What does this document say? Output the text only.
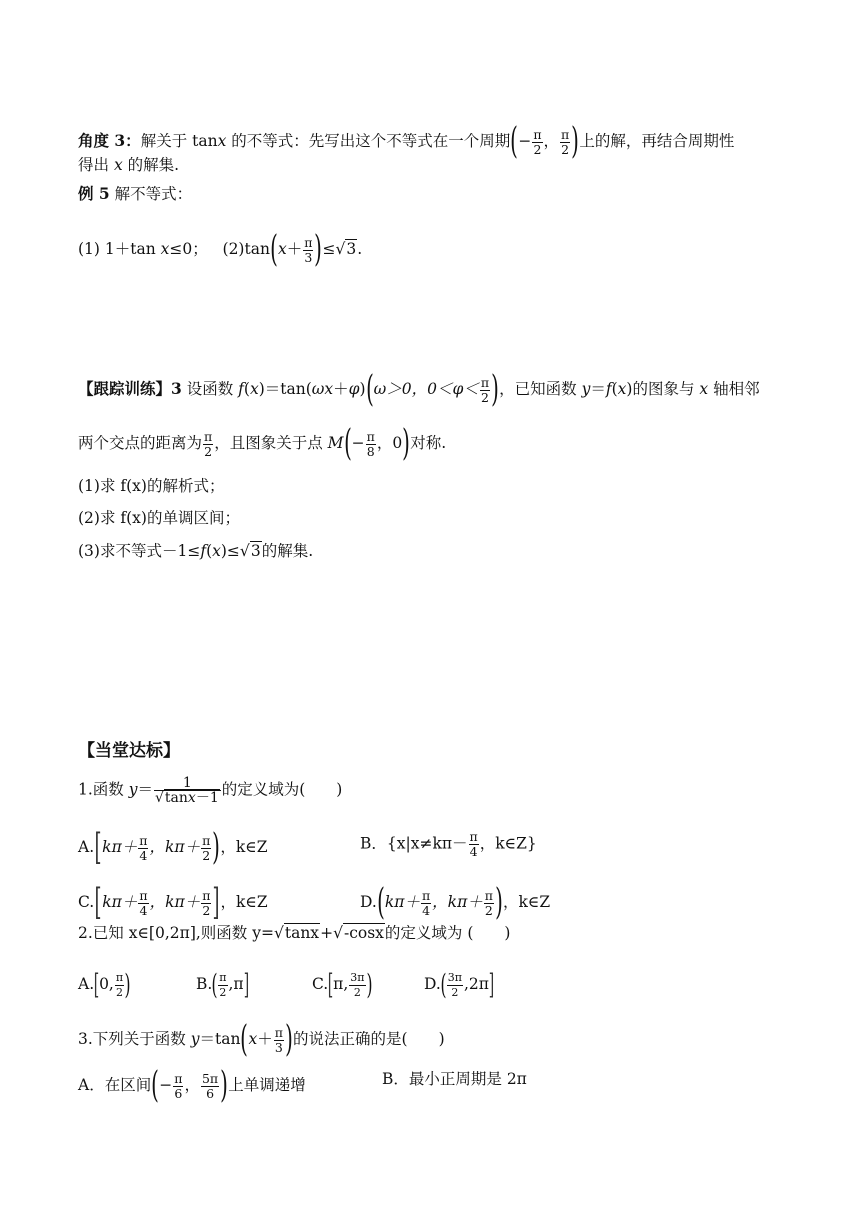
角度 3：解关于 tanx 的不等式：先写出这个不等式在一个周期(− $\frac{\pi}{2}$ ， $\frac{\pi}{2}$ )上的解，再结合周期性
得出 x 的解集.
例 5 解不等式：
(1) 1＋tan x≤0； $(2)\tan(x+ \frac{\pi}{3} )\le√3$.
【跟踪训练】3 设函数 f(x)＝tan(ωx＋φ)(ω＞0，$0<\varphi< \frac{\pi}{2}$ )，已知函数 y＝f(x)的图象与 x 轴相邻
两个交点的距离为 $\frac{\pi}{2}$ ，且图象关于点 $M(- \frac{\pi}{8}$ ，0)对称.
(1)求 f(x)的解析式；
(2)求 f(x)的单调区间；
(3)求不等式－1≤f(x)≤√3的解集.
【当堂达标】
1.函数 $y= \frac{1}{√\tan x-1}$ 的定义域为(　　)
$A.[k\pi+ \frac{\pi}{4}$ ，$k\pi+ \frac{\pi}{2}$ )，k∈Z	B．{$x|x\ne k\pi- \frac{\pi}{4}$ ，k∈Z}
$C.[k\pi+ \frac{\pi}{4}$ ，$k\pi+ \frac{\pi}{2}$ ]，k∈Z	$D.(k\pi+ \frac{\pi}{4}$ ，$k\pi+ \frac{\pi}{2}$ )，k∈Z
2.已知 x∈[0,2π],则函数 y=√tanx+√-cosx的定义域为 (　　)
A.[0, $\frac{\pi}{2}$ )	$B.( \frac{\pi}{2} ,\pi]$	C.[π, $\frac{3\pi}{2}$ )	$D.( \frac{3\pi}{2} ,2\pi]$
3.下列关于函数 $y=\tan(x+ \frac{\pi}{3}$ )的说法正确的是(　　)
A．在区间(− $\frac{\pi}{6}$ ， $\frac{5\pi}{6}$ )上单调递增	B．最小正周期是 2π
